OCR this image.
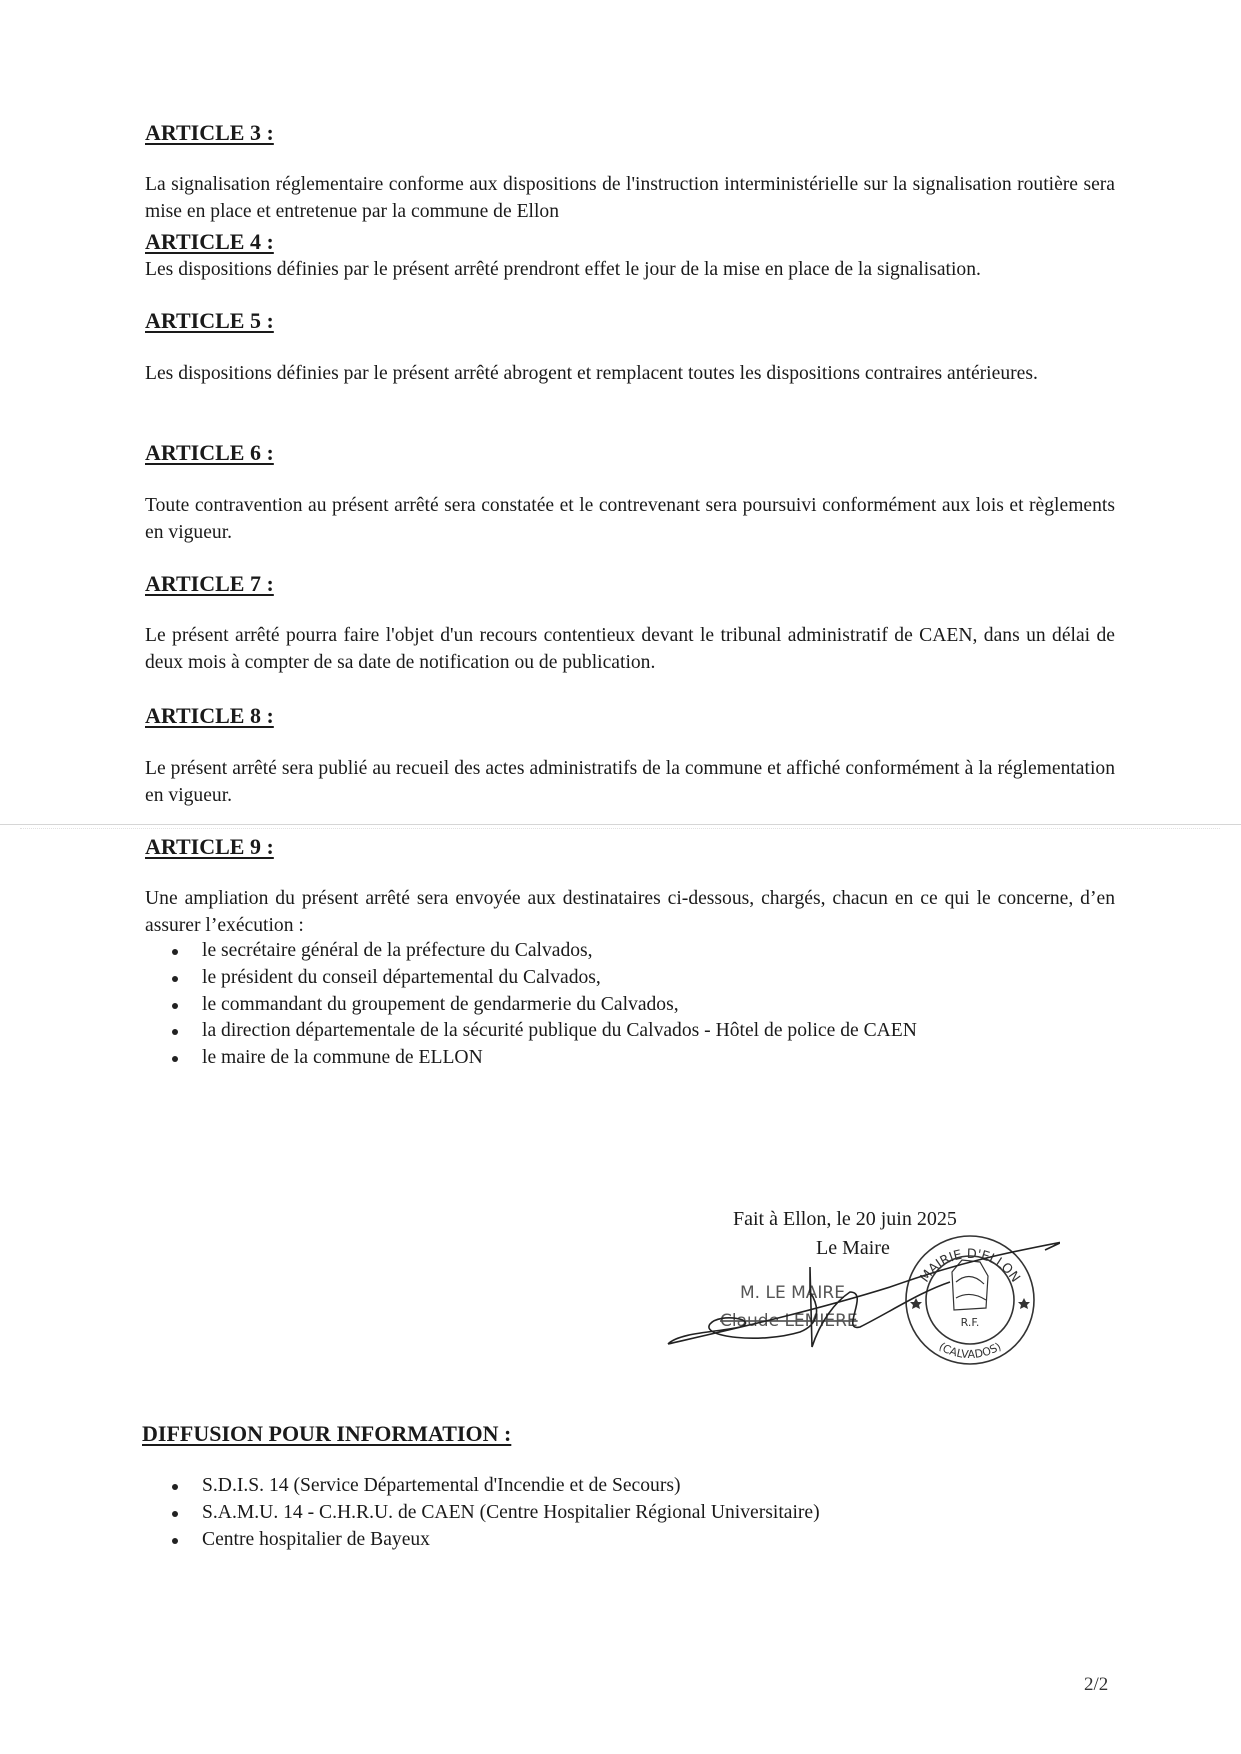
ARTICLE 3 :

La signalisation réglementaire conforme aux dispositions de l'instruction interministérielle sur la signalisation routière sera mise en place et entretenue par la commune de Ellon

ARTICLE 4 :

Les dispositions définies par le présent arrêté prendront effet le jour de la mise en place de la signalisation.

ARTICLE 5 :

Les dispositions définies par le présent arrêté abrogent et remplacent toutes les dispositions contraires antérieures.

ARTICLE 6 :

Toute contravention au présent arrêté sera constatée et le contrevenant sera poursuivi conformément aux lois et règlements en vigueur.

ARTICLE 7 :

Le présent arrêté pourra faire l'objet d'un recours contentieux devant le tribunal administratif de CAEN, dans un délai de deux mois à compter de sa date de notification ou de publication.

ARTICLE 8 :

Le présent arrêté sera publié au recueil des actes administratifs de la commune et affiché conformément à la réglementation en vigueur.

ARTICLE 9 :

Une ampliation du présent arrêté sera envoyée aux destinataires ci-dessous, chargés, chacun en ce qui le concerne, d’en assurer l’exécution :

le secrétaire général de la préfecture du Calvados,
le président du conseil départemental du Calvados,
le commandant du groupement de gendarmerie du Calvados,
la direction départementale de la sécurité publique du Calvados - Hôtel de police de CAEN
le maire de la commune de ELLON
Fait à Ellon, le 20 juin 2025
Le Maire
MAIRIE D'ELLON
(CALVADOS)
R.F.
M. LE MAIRE
Claude LEMIERE
DIFFUSION POUR INFORMATION :
S.D.I.S. 14 (Service Départemental d'Incendie et de Secours)
S.A.M.U. 14 - C.H.R.U. de CAEN (Centre Hospitalier Régional Universitaire)
Centre hospitalier de Bayeux
2/2
